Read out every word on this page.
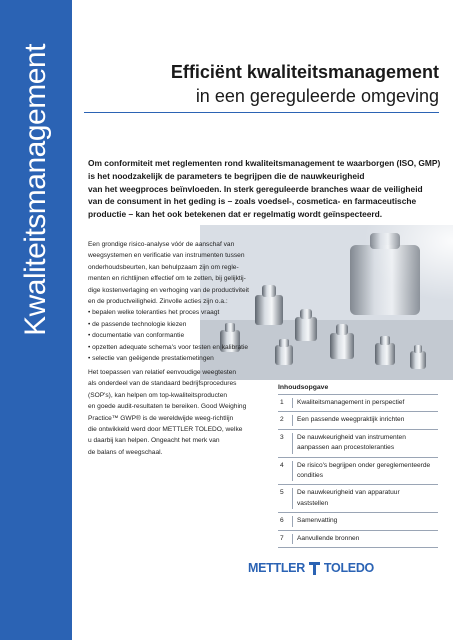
Kwaliteitsmanagement	Efficiënt kwaliteitsmanagement
in een gereguleerde omgeving

Om conformiteit met reglementen rond kwaliteitsmanagement te waarborgen (ISO, GMP)

is het noodzakelijk de parameters te begrijpen die de nauwkeurigheid

van het weegproces beïnvloeden. In sterk gereguleerde branches waar de veiligheid

van de consument in het geding is – zoals voedsel-, cosmetica- en farmaceutische

productie – kan het ook betekenen dat er regelmatig wordt geïnspecteerd.

Een grondige risico-analyse vóór de aanschaf van

weegsystemen en verificatie van instrumenten tussen

onderhoudsbeurten, kan behulpzaam zijn om regle-

menten en richtlijnen effectief om te zetten, bij gelijktij-

dige kostenverlaging en verhoging van de productiviteit

en de productveiligheid. Zinvolle acties zijn o.a.:

• bepalen welke toleranties het proces vraagt
• de passende technologie kiezen
• documentatie van conformantie
• opzetten adequate schema's voor testen en kalibratie
• selectie van geëigende prestatiemetingen

Het toepassen van relatief eenvoudige weegtesten

als onderdeel van de standaard bedrijfsprocedures

(SOP's), kan helpen om top-kwaliteitsproducten

en goede audit-resultaten te bereiken. Good Weighing

Practice™ GWP® is de wereldwijde weeg-richtlijn

die ontwikkeld werd door METTLER TOLEDO, welke

u daarbij kan helpen. Ongeacht het merk van

de balans of weegschaal.

Inhoudsopgave
1	Kwaliteitsmanagement in perspectief
2	Een passende weegpraktijk inrichten
3	De nauwkeurigheid van instrumenten
aanpassen aan procestoleranties
4	De risico's begrijpen onder gereglementeerde
condities
5	De nauwkeurigheid van apparatuur
vaststellen
6	Samenvatting
7	Aanvullende bronnen
METTLER TOLEDO
